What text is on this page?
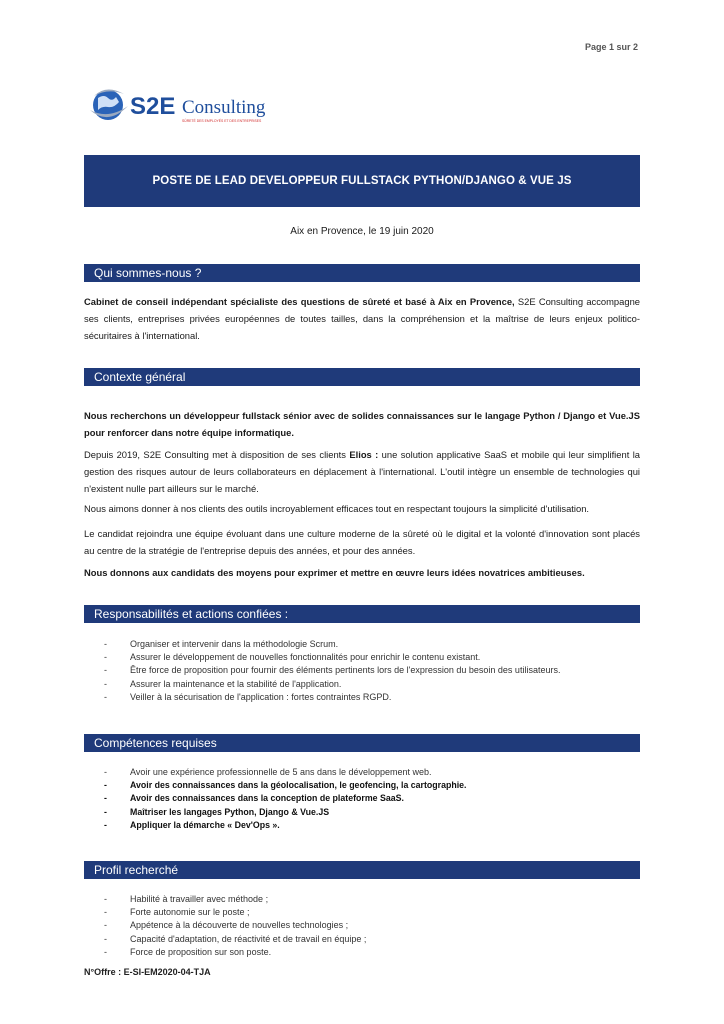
Page 1 sur 2
S2E Consulting
SÛRETÉ DES EMPLOYÉS ET DES ENTREPRISES
POSTE DE LEAD DEVELOPPEUR FULLSTACK PYTHON/DJANGO & VUE JS
Aix en Provence, le 19 juin 2020
Qui sommes-nous ?

Cabinet de conseil indépendant spécialiste des questions de sûreté et basé à Aix en Provence, S2E Consulting accompagne ses clients, entreprises privées européennes de toutes tailles, dans la compréhension et la maîtrise de leurs enjeux politico-sécuritaires à l'international.

Contexte général

Nous recherchons un développeur fullstack sénior avec de solides connaissances sur le langage Python / Django et Vue.JS pour renforcer dans notre équipe informatique.

Depuis 2019, S2E Consulting met à disposition de ses clients Elios : une solution applicative SaaS et mobile qui leur simplifient la gestion des risques autour de leurs collaborateurs en déplacement à l'international. L'outil intègre un ensemble de technologies qui n'existent nulle part ailleurs sur le marché.

Nous aimons donner à nos clients des outils incroyablement efficaces tout en respectant toujours la simplicité d'utilisation.

Le candidat rejoindra une équipe évoluant dans une culture moderne de la sûreté où le digital et la volonté d'innovation sont placés au centre de la stratégie de l'entreprise depuis des années, et pour des années.

Nous donnons aux candidats des moyens pour exprimer et mettre en œuvre leurs idées novatrices ambitieuses.

Responsabilités et actions confiées :
- Organiser et intervenir dans la méthodologie Scrum.
- Assurer le développement de nouvelles fonctionnalités pour enrichir le contenu existant.
- Être force de proposition pour fournir des éléments pertinents lors de l'expression du besoin des utilisateurs.
- Assurer la maintenance et la stabilité de l'application.
- Veiller à la sécurisation de l'application : fortes contraintes RGPD.
Compétences requises
- Avoir une expérience professionnelle de 5 ans dans le développement web.
- Avoir des connaissances dans la géolocalisation, le geofencing, la cartographie.
- Avoir des connaissances dans la conception de plateforme SaaS.
- Maîtriser les langages Python, Django & Vue.JS
- Appliquer la démarche « Dev'Ops ».
Profil recherché
- Habilité à travailler avec méthode ;
- Forte autonomie sur le poste ;
- Appétence à la découverte de nouvelles technologies ;
- Capacité d'adaptation, de réactivité et de travail en équipe ;
- Force de proposition sur son poste.
N°Offre : E-SI-EM2020-04-TJA
